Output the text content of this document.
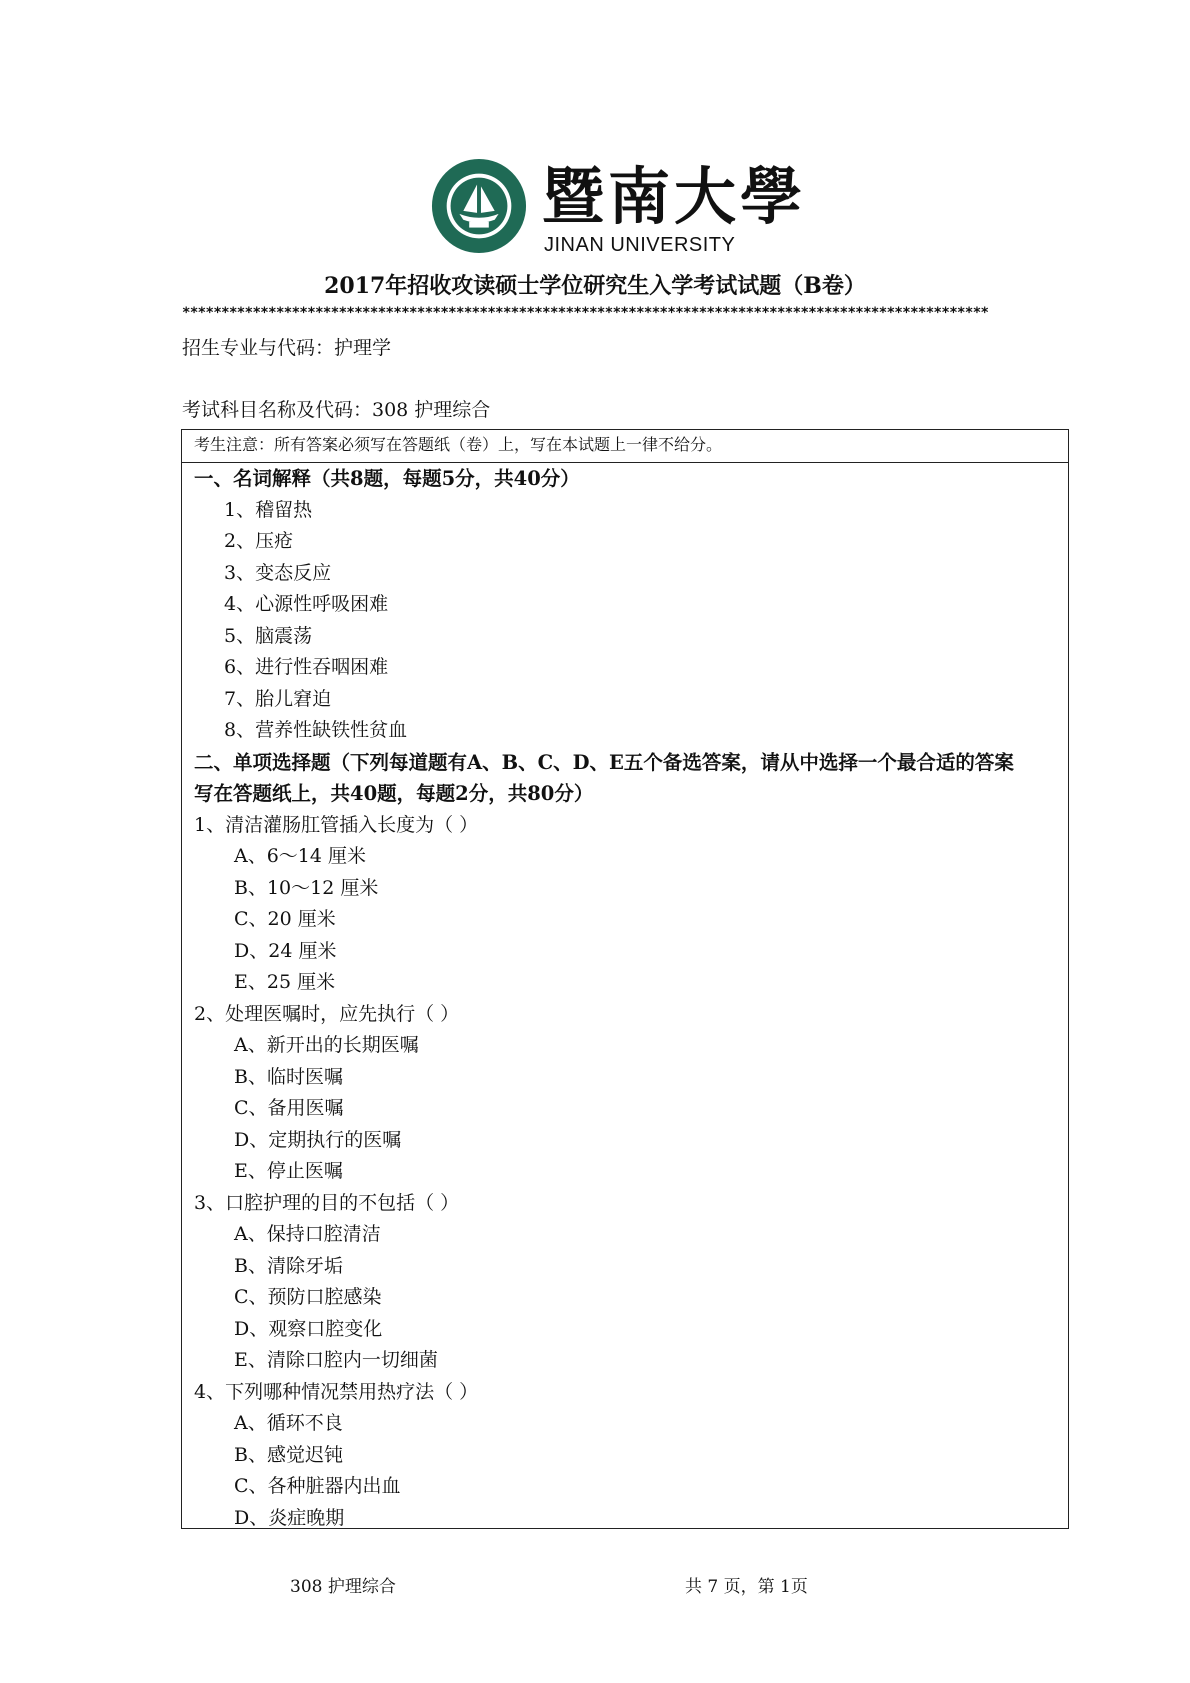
暨南大學
JINAN UNIVERSITY
2017年招收攻读硕士学位研究生入学考试试题（B卷）
*******************************************************************************************************
招生专业与代码：护理学
考试科目名称及代码：308 护理综合
考生注意：所有答案必须写在答题纸（卷）上，写在本试题上一律不给分。
一、名词解释（共8题，每题5分，共40分）
1、稽留热
2、压疮
3、变态反应
4、心源性呼吸困难
5、脑震荡
6、进行性吞咽困难
7、胎儿窘迫
8、营养性缺铁性贫血
二、单项选择题（下列每道题有A、B、C、D、E五个备选答案，请从中选择一个最合适的答案
写在答题纸上，共40题，每题2分，共80分）
1、清洁灌肠肛管插入长度为（ ）
A、6～14 厘米
B、10～12 厘米
C、20 厘米
D、24 厘米
E、25 厘米
2、处理医嘱时，应先执行（ ）
A、新开出的长期医嘱
B、临时医嘱
C、备用医嘱
D、定期执行的医嘱
E、停止医嘱
3、口腔护理的目的不包括（ ）
A、保持口腔清洁
B、清除牙垢
C、预防口腔感染
D、观察口腔变化
E、清除口腔内一切细菌
4、下列哪种情况禁用热疗法（ ）
A、循环不良
B、感觉迟钝
C、各种脏器内出血
D、炎症晚期
308 护理综合	共 7 页，第 1页
